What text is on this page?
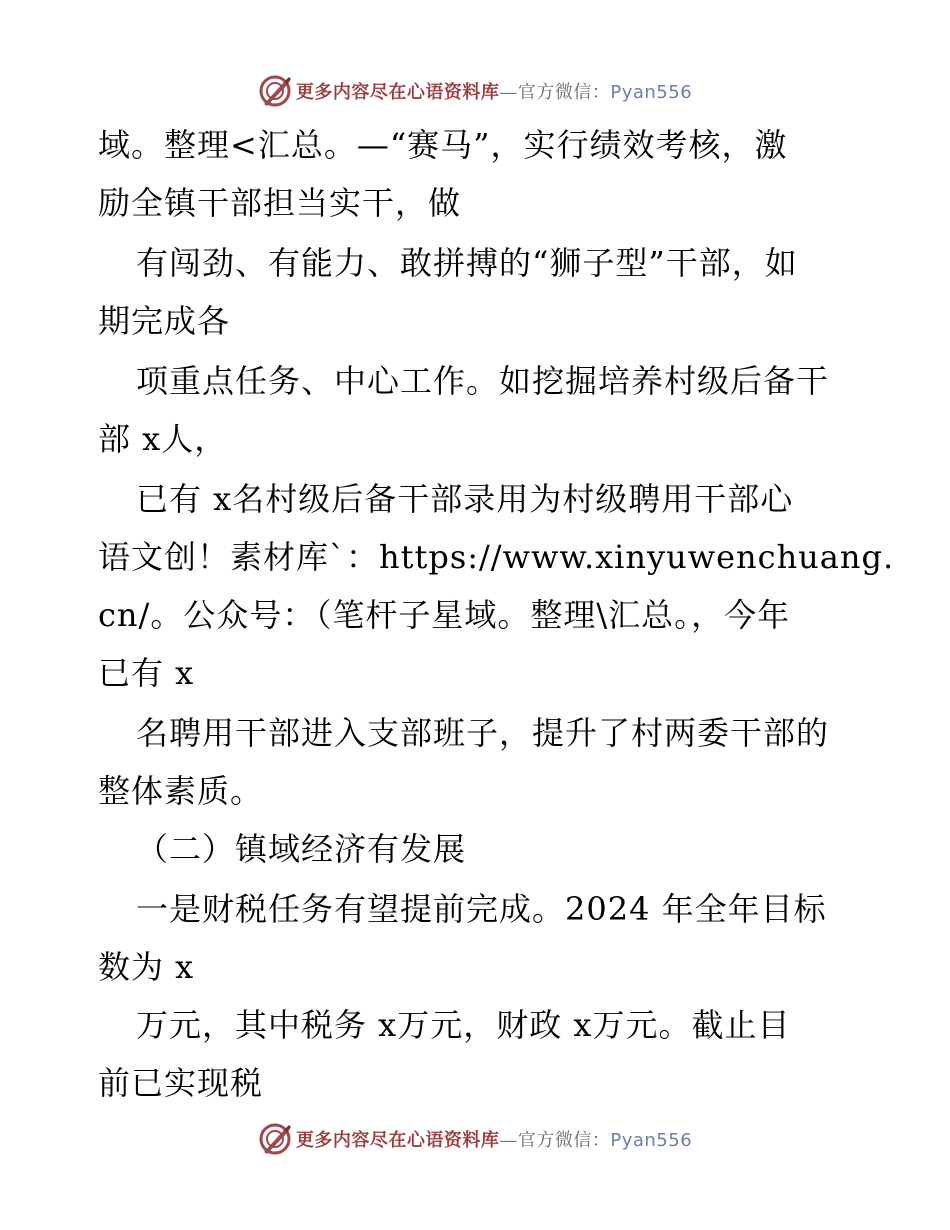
更多内容尽在心语资料库—官方微信：Pyan556
域。整理<汇总。—“赛马”，实行绩效考核，激
励全镇干部担当实干，做
有闯劲、有能力、敢拼搏的“狮子型”干部，如
期完成各
项重点任务、中心工作。如挖掘培养村级后备干
部 x人，
已有 x名村级后备干部录用为村级聘用干部心
语文创！素材库`：https://www.xinyuwenchuang.
cn/。公众号：（笔杆子星域。整理\汇总。，今年
已有 x
名聘用干部进入支部班子，提升了村两委干部的
整体素质。
（二）镇域经济有发展
一是财税任务有望提前完成。2024 年全年目标
数为 x
万元，其中税务 x万元，财政 x万元。截止目
前已实现税
更多内容尽在心语资料库—官方微信：Pyan556
